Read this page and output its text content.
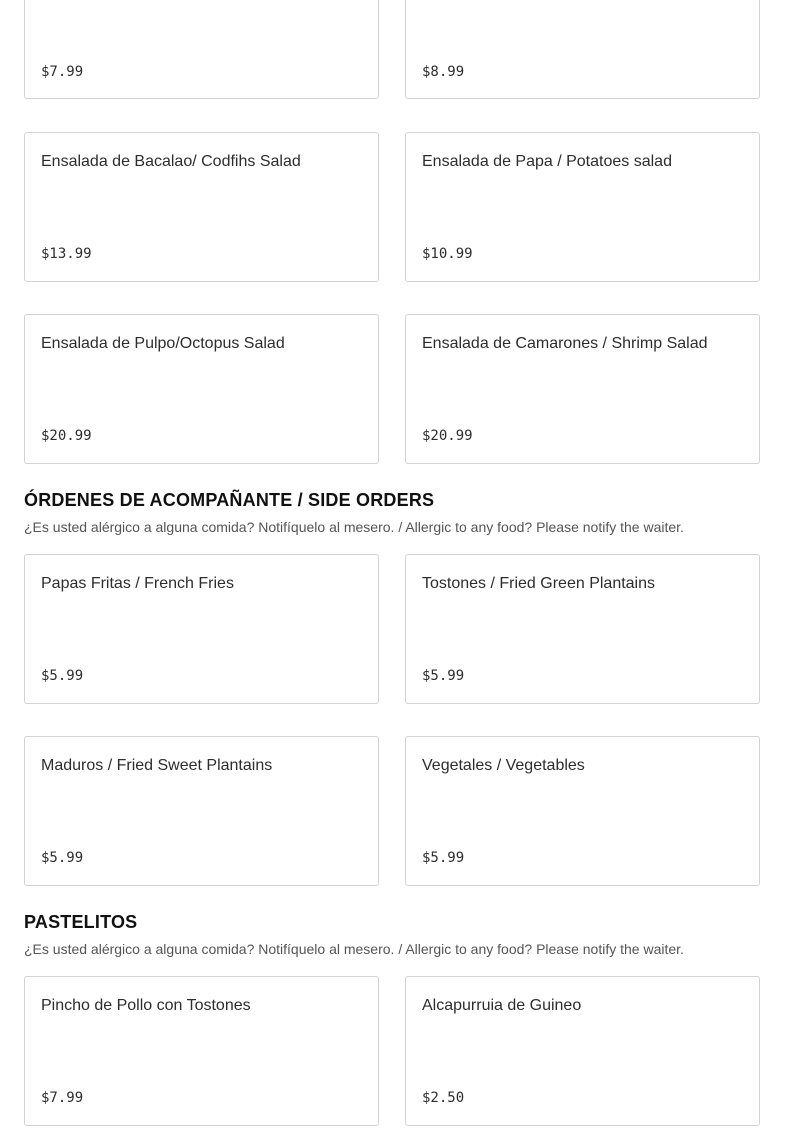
$7.99	$8.99
Ensalada de Bacalao/ Codfihs Salad
$13.99
Ensalada de Papa / Potatoes salad
$10.99
Ensalada de Pulpo/Octopus Salad
$20.99
Ensalada de Camarones / Shrimp Salad
$20.99
ÓRDENES DE ACOMPAÑANTE / SIDE ORDERS
¿Es usted alérgico a alguna comida? Notifíquelo al mesero. / Allergic to any food? Please notify the waiter.
Papas Fritas / French Fries
$5.99
Tostones / Fried Green Plantains
$5.99
Maduros / Fried Sweet Plantains
$5.99
Vegetales / Vegetables
$5.99
PASTELITOS
¿Es usted alérgico a alguna comida? Notifíquelo al mesero. / Allergic to any food? Please notify the waiter.
Pincho de Pollo con Tostones
$7.99
Alcapurruia de Guineo
$2.50
